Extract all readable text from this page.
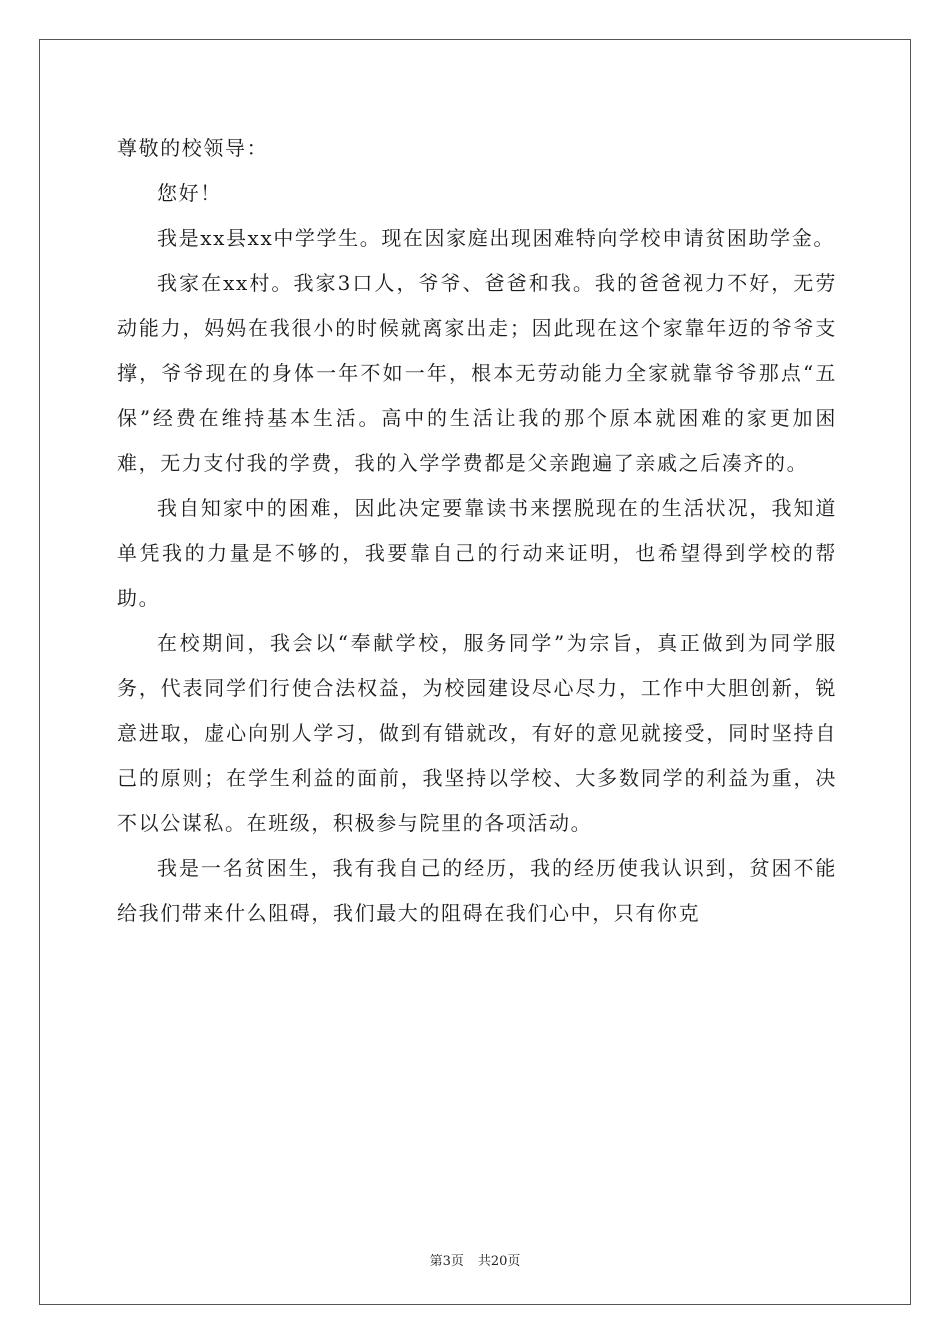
尊敬的校领导：

您好！

我是xx县xx中学学生。现在因家庭出现困难特向学校申请贫困助学金。

我家在xx村。我家3口人，爷爷、爸爸和我。我的爸爸视力不好，无劳动能力，妈妈在我很小的时候就离家出走；因此现在这个家靠年迈的爷爷支撑，爷爷现在的身体一年不如一年，根本无劳动能力全家就靠爷爷那点“五保”经费在维持基本生活。高中的生活让我的那个原本就困难的家更加困难，无力支付我的学费，我的入学学费都是父亲跑遍了亲戚之后凑齐的。

我自知家中的困难，因此决定要靠读书来摆脱现在的生活状况，我知道单凭我的力量是不够的，我要靠自己的行动来证明，也希望得到学校的帮助。

在校期间，我会以“奉献学校，服务同学”为宗旨，真正做到为同学服务，代表同学们行使合法权益，为校园建设尽心尽力，工作中大胆创新，锐意进取，虚心向别人学习，做到有错就改，有好的意见就接受，同时坚持自己的原则；在学生利益的面前，我坚持以学校、大多数同学的利益为重，决不以公谋私。在班级，积极参与院里的各项活动。

我是一名贫困生，我有我自己的经历，我的经历使我认识到，贫困不能给我们带来什么阻碍，我们最大的阻碍在我们心中，只有你克

第3页 共20页
